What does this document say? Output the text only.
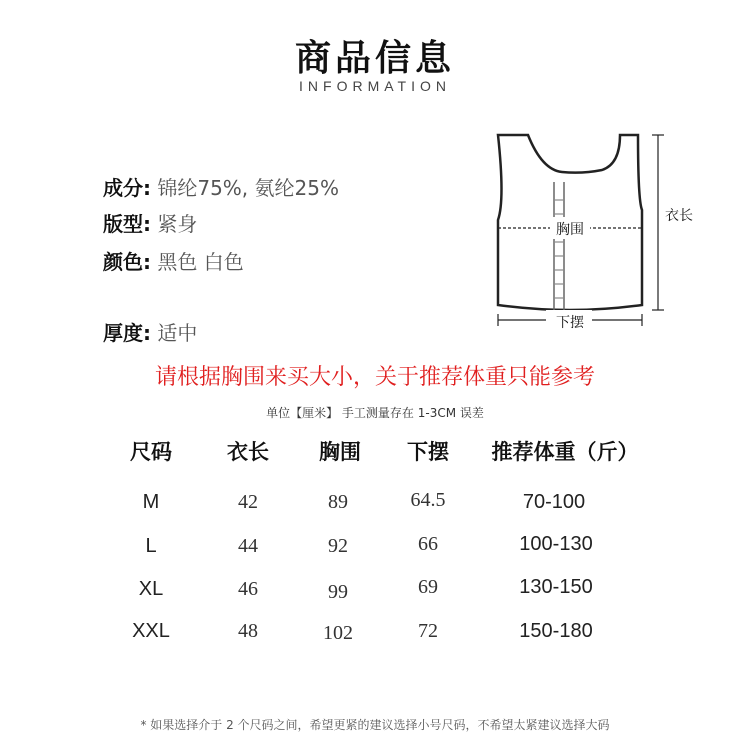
商品信息
INFORMATION
成分: 锦纶75%, 氨纶25%
版型: 紧身
颜色: 黑色 白色
厚度: 适中
胸围
下摆
衣长
请根据胸围来买大小，关于推荐体重只能参考
单位【厘米】 手工测量存在 1-3CM 误差
尺码	衣长 胸围 下摆 推荐体重（斤）
M	42	89	64.5	70-100
L	44	92	66	100-130
XL	46	99	69	130-150
XXL	48	102	72	150-180
* 如果选择介于 2 个尺码之间，希望更紧的建议选择小号尺码，不希望太紧建议选择大码
